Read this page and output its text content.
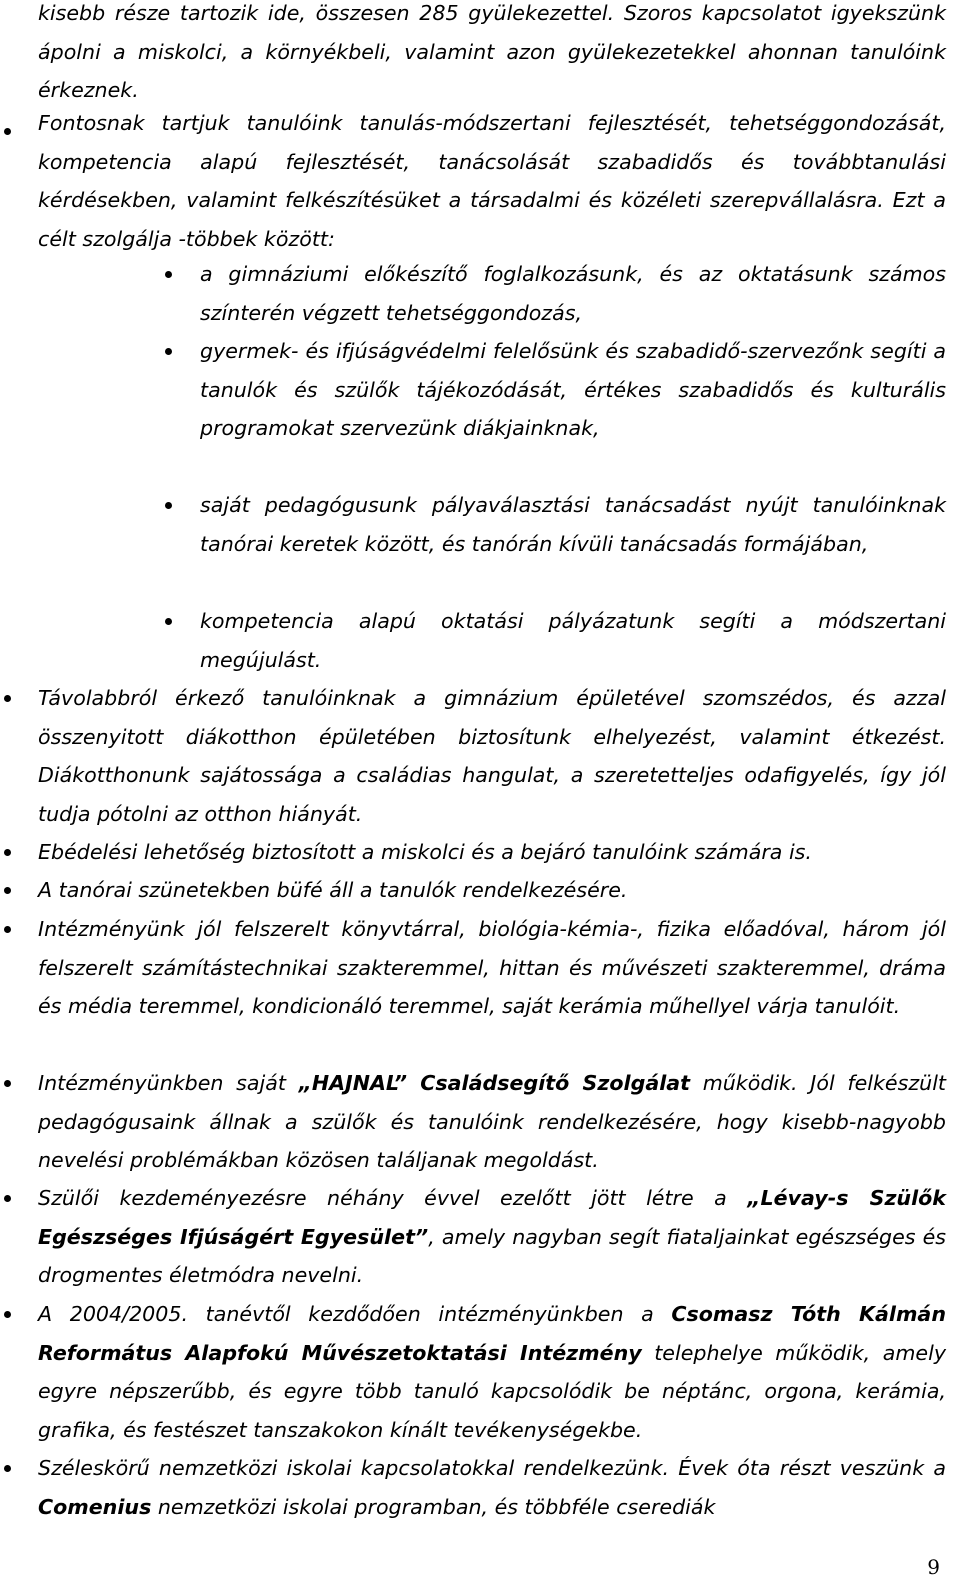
kisebb része tartozik ide, összesen 285 gyülekezettel. Szoros kapcsolatot igyekszünk ápolni a miskolci, a környékbeli, valamint azon gyülekezetekkel ahonnan tanulóink érkeznek.
Fontosnak tartjuk tanulóink tanulás-módszertani fejlesztését, tehetséggondozását, kompetencia alapú fejlesztését, tanácsolását szabadidős és továbbtanulási kérdésekben, valamint felkészítésüket a társadalmi és közéleti szerepvállalásra. Ezt a célt szolgálja -többek között:
a gimnáziumi előkészítő foglalkozásunk, és az oktatásunk számos színterén végzett tehetséggondozás,
gyermek- és ifjúságvédelmi felelősünk és szabadidő-szervezőnk segíti a tanulók és szülők tájékozódását, értékes szabadidős és kulturális programokat szervezünk diákjainknak,
saját pedagógusunk pályaválasztási tanácsadást nyújt tanulóinknak tanórai keretek között, és tanórán kívüli tanácsadás formájában,
kompetencia alapú oktatási pályázatunk segíti a módszertani megújulást.
Távolabbról érkező tanulóinknak a gimnázium épületével szomszédos, és azzal összenyitott diákotthon épületében biztosítunk elhelyezést, valamint étkezést. Diákotthonunk sajátossága a családias hangulat, a szeretetteljes odafigyelés, így jól tudja pótolni az otthon hiányát.
Ebédelési lehetőség biztosított a miskolci és a bejáró tanulóink számára is.
A tanórai szünetekben büfé áll a tanulók rendelkezésére.
Intézményünk jól felszerelt könyvtárral, biológia-kémia-, fizika előadóval, három jól felszerelt számítástechnikai szakteremmel, hittan és művészeti szakteremmel, dráma és média teremmel, kondicionáló teremmel, saját kerámia műhellyel várja tanulóit.
Intézményünkben saját „HAJNAL” Családsegítő Szolgálat működik. Jól felkészült pedagógusaink állnak a szülők és tanulóink rendelkezésére, hogy kisebb-nagyobb nevelési problémákban közösen találjanak megoldást.
Szülői kezdeményezésre néhány évvel ezelőtt jött létre a „Lévay-s Szülők Egészséges Ifjúságért Egyesület”, amely nagyban segít fiataljainkat egészséges és drogmentes életmódra nevelni.
A 2004/2005. tanévtől kezdődően intézményünkben a Csomasz Tóth Kálmán Református Alapfokú Művészetoktatási Intézmény telephelye működik, amely egyre népszerűbb, és egyre több tanuló kapcsolódik be néptánc, orgona, kerámia, grafika, és festészet tanszakokon kínált tevékenységekbe.
Széleskörű nemzetközi iskolai kapcsolatokkal rendelkezünk. Évek óta részt veszünk a Comenius nemzetközi iskolai programban, és többféle cserediák
9
